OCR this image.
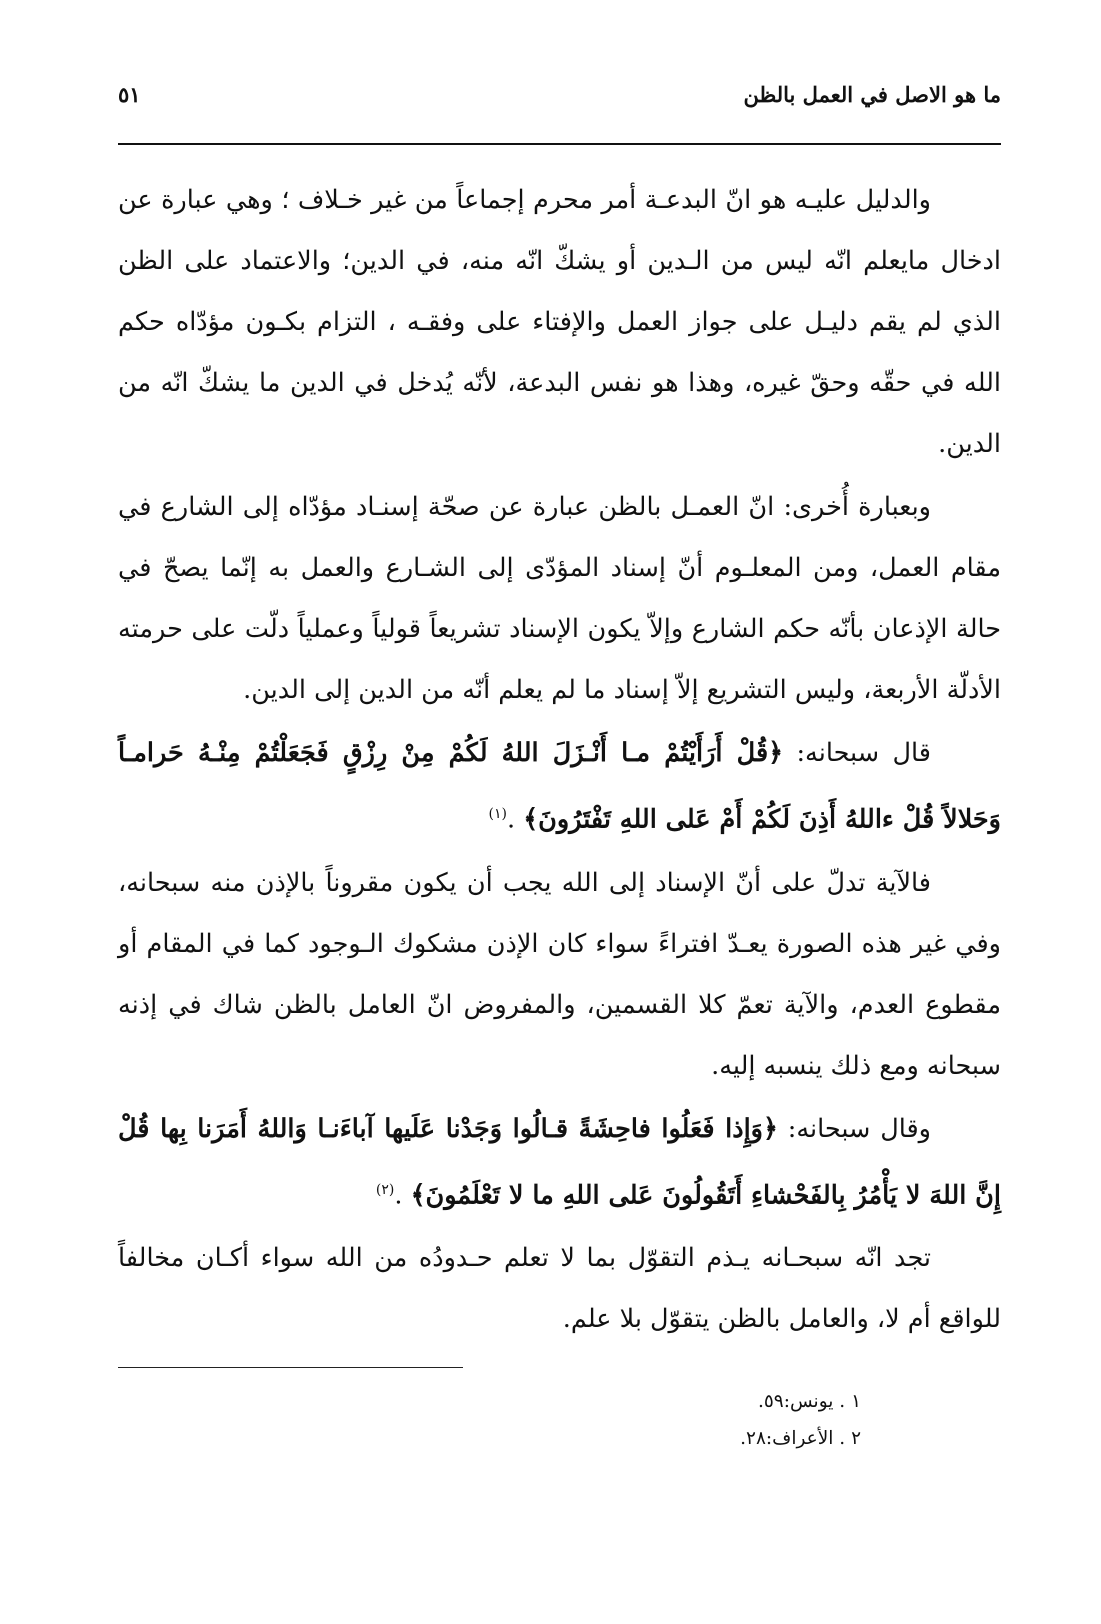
ما هو الاصل في العمل بالظن
٥١

والدليل عليـه هو انّ البدعـة أمر محرم إجماعاً من غير خـلاف ؛ وهي عبارة عن ادخال مايعلم انّه ليس من الـدين أو يشكّ انّه منه، في الدين؛ والاعتماد على الظن الذي لم يقم دليـل على جواز العمل والإفتاء على وفقـه ، التزام بكـون مؤدّاه حكم الله في حقّه وحقّ غيره، وهذا هو نفس البدعة، لأنّه يُدخل في الدين ما يشكّ انّه من الدين.

وبعبارة أُخرى: انّ العمـل بالظن عبارة عن صحّة إسنـاد مؤدّاه إلى الشارع في مقام العمل، ومن المعلـوم أنّ إسناد المؤدّى إلى الشـارع والعمل به إنّما يصحّ في حالة الإذعان بأنّه حكم الشارع وإلاّ يكون الإسناد تشريعاً قولياً وعملياً دلّت على حرمته الأدلّة الأربعة، وليس التشريع إلاّ إسناد ما لم يعلم أنّه من الدين إلى الدين.

قال سبحانه: ﴿قُلْ أَرَأَيْتُمْ مـا أَنْـزَلَ اللهُ لَكُمْ مِنْ رِزْقٍ فَجَعَلْتُمْ مِنْـهُ حَرامـاً وَحَلالاً قُلْ ءاللهُ أَذِنَ لَكُمْ أَمْ عَلى اللهِ تَفْتَرُونَ﴾ .$^{(١)}$

فالآية تدلّ على أنّ الإسناد إلى الله يجب أن يكون مقروناً بالإذن منه سبحانه، وفي غير هذه الصورة يعـدّ افتراءً سواء كان الإذن مشكوك الـوجود كما في المقام أو مقطوع العدم، والآية تعمّ كلا القسمين، والمفروض انّ العامل بالظن شاك في إذنه سبحانه ومع ذلك ينسبه إليه.

وقال سبحانه: ﴿وَإِذا فَعَلُوا فاحِشَةً قـالُوا وَجَدْنا عَلَيها آباءَنـا وَاللهُ أَمَرَنا بِها قُلْ إِنَّ اللهَ لا يَأْمُرُ بِالفَحْشاءِ أَتَقُولُونَ عَلى اللهِ ما لا تَعْلَمُونَ﴾ .$^{(٢)}$

تجد انّه سبحـانه يـذم التقوّل بما لا تعلم حـدودُه من الله سواء أكـان مخالفاً للواقع أم لا، والعامل بالظن يتقوّل بلا علم.

١ . يونس:٥٩.
٢ . الأعراف:٢٨.
